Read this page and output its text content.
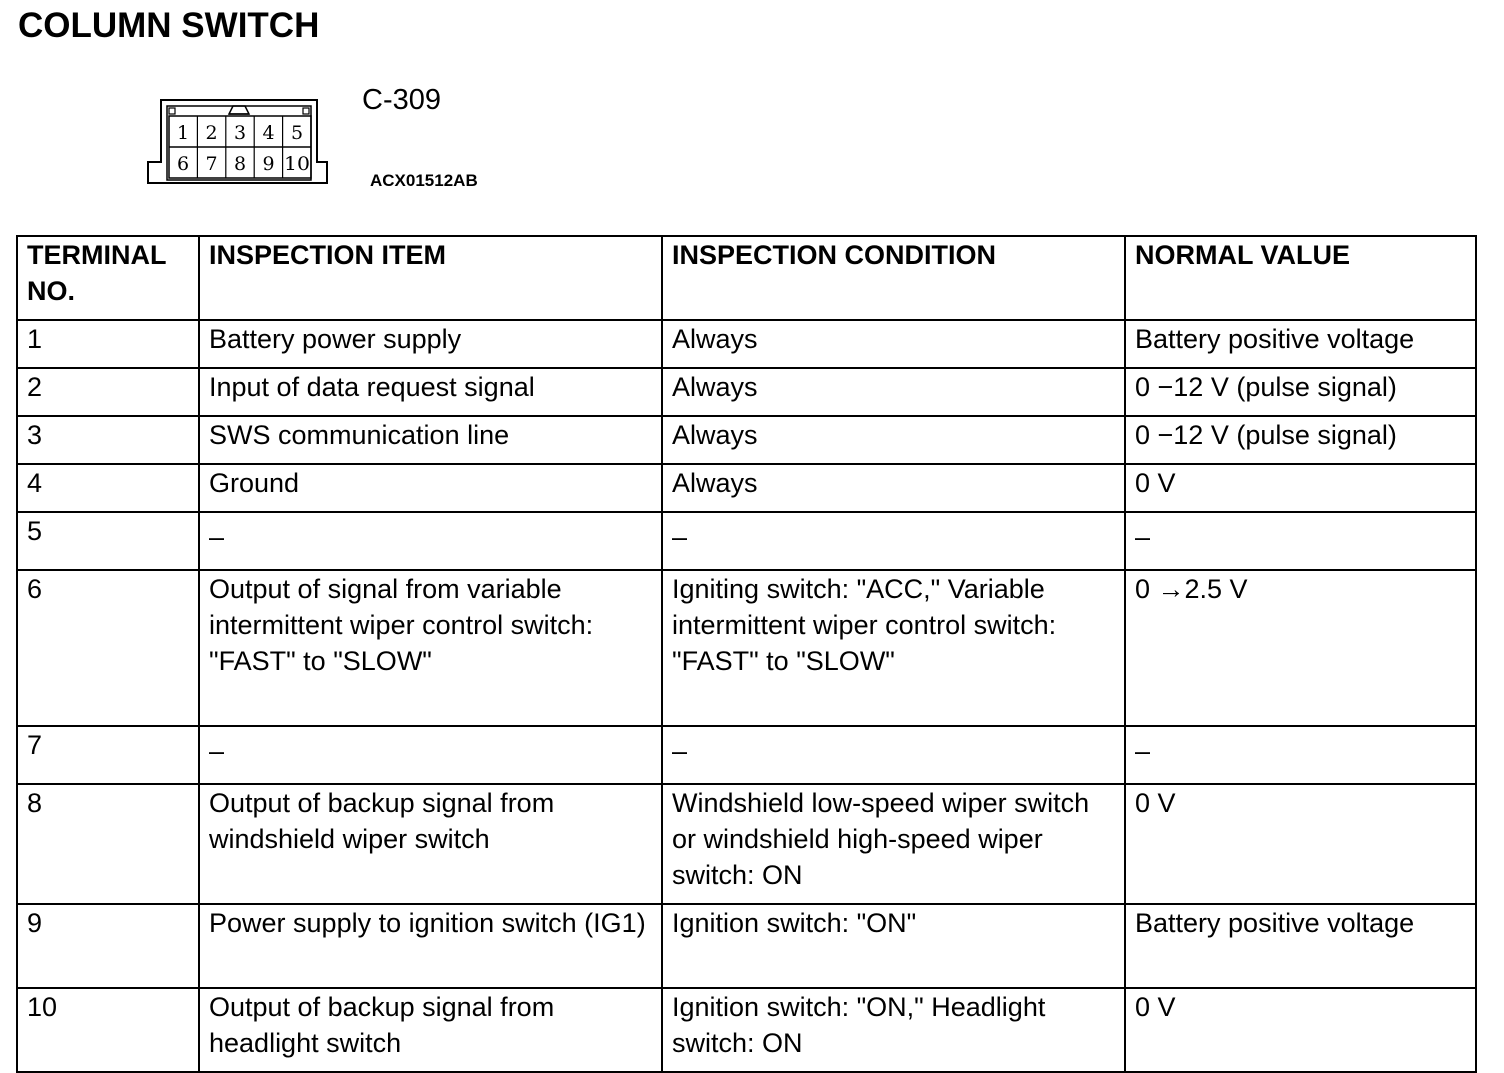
COLUMN SWITCH
1 2 3 4 5
6 7 8 9 10
C-309
ACX01512AB
TERMINAL
NO.	INSPECTION ITEM	INSPECTION CONDITION	NORMAL VALUE
1	Battery power supply	Always	Battery positive voltage
2	Input of data request signal	Always	0 −12 V (pulse signal)
3	SWS communication line	Always	0 −12 V (pulse signal)
4	Ground	Always	0 V
5	–	–	–
6	Output of signal from variable intermittent wiper control switch: "FAST" to "SLOW"	Igniting switch: "ACC," Variable intermittent wiper control switch: "FAST" to "SLOW"	0 →2.5 V
7	–	–	–
8	Output of backup signal from windshield wiper switch	Windshield low-speed wiper switch or windshield high-speed wiper switch: ON	0 V
9	Power supply to ignition switch (IG1)	Ignition switch: "ON"	Battery positive voltage
10	Output of backup signal from headlight switch	Ignition switch: "ON," Headlight switch: ON	0 V
